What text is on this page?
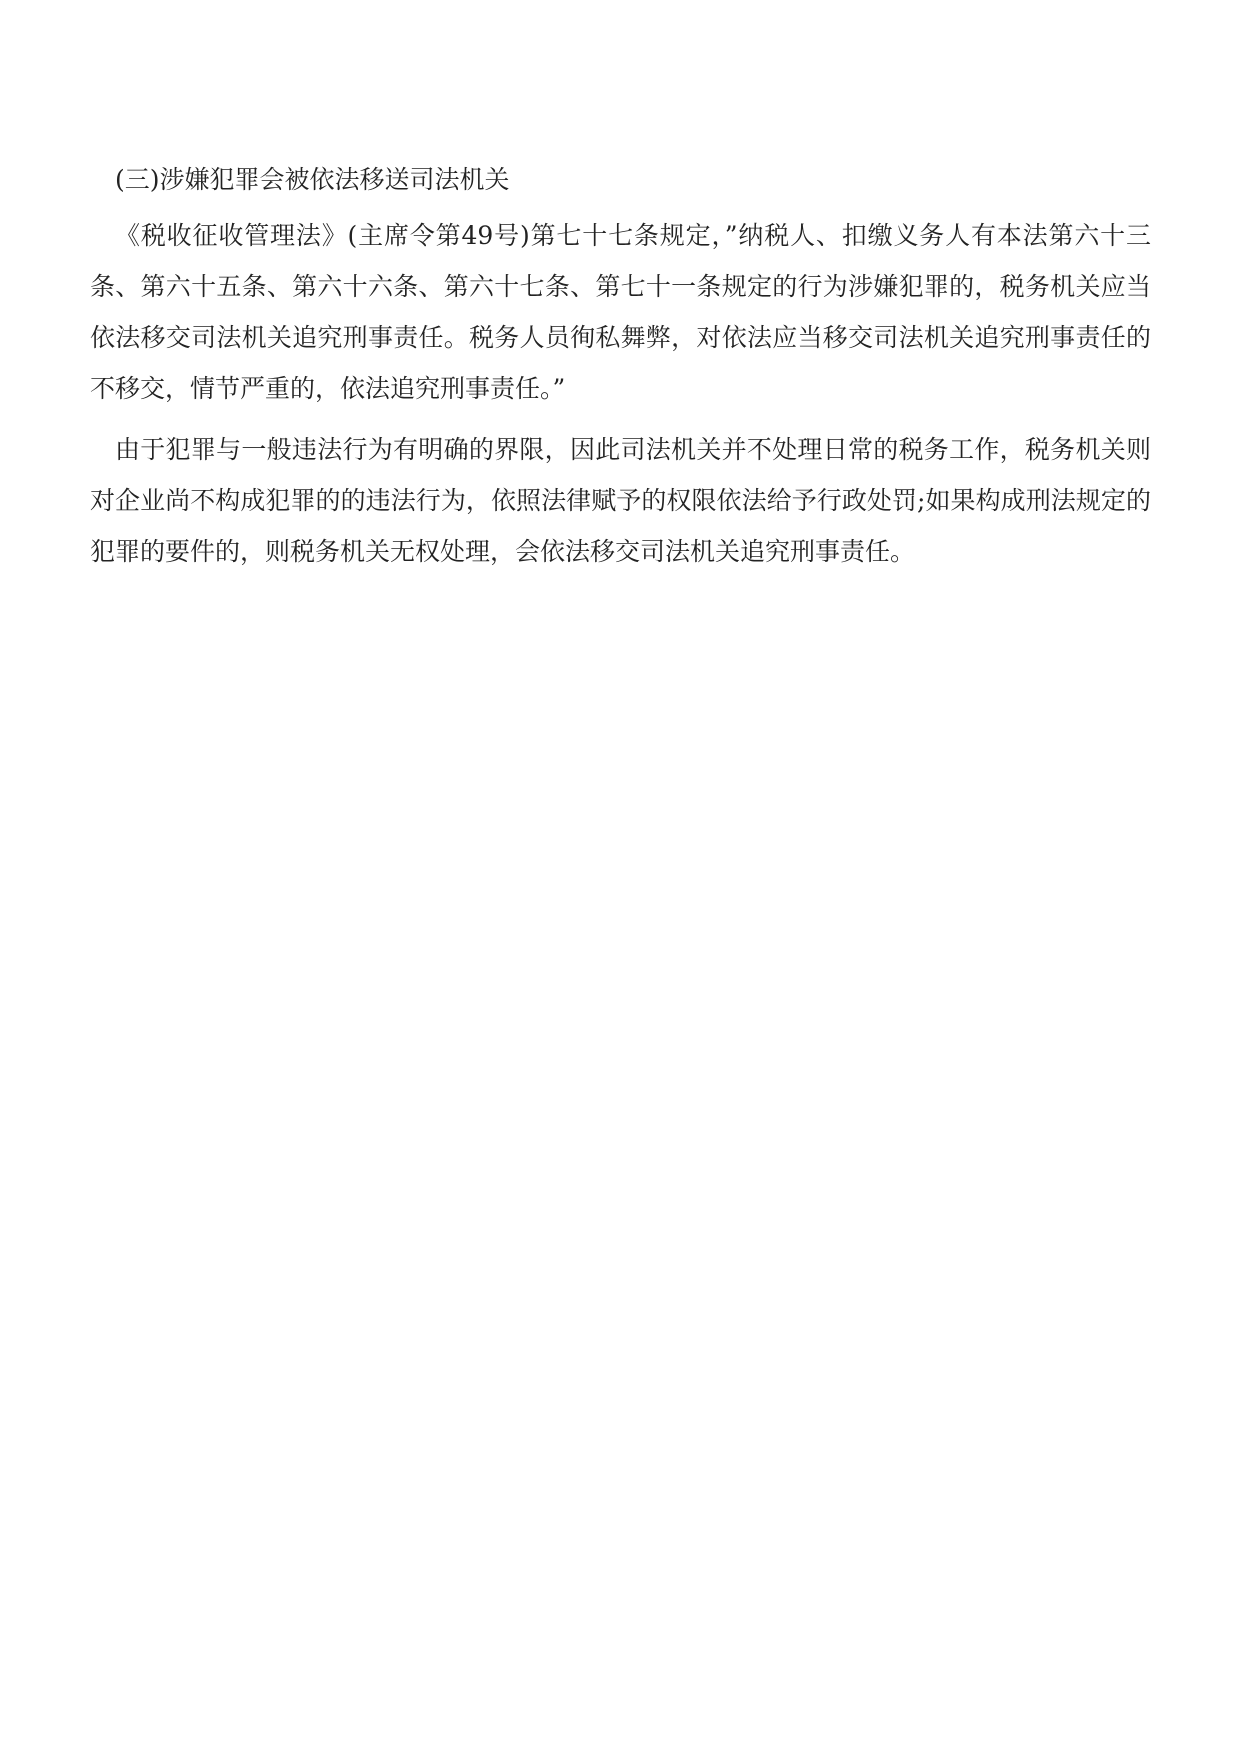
(三)涉嫌犯罪会被依法移送司法机关

《税收征收管理法》(主席令第49号)第七十七条规定，”纳税人、扣缴义务人有本法第六十三条、第六十五条、第六十六条、第六十七条、第七十一条规定的行为涉嫌犯罪的，税务机关应当依法移交司法机关追究刑事责任。税务人员徇私舞弊，对依法应当移交司法机关追究刑事责任的不移交，情节严重的，依法追究刑事责任。”

由于犯罪与一般违法行为有明确的界限，因此司法机关并不处理日常的税务工作，税务机关则对企业尚不构成犯罪的的违法行为，依照法律赋予的权限依法给予行政处罚;如果构成刑法规定的犯罪的要件的，则税务机关无权处理，会依法移交司法机关追究刑事责任。
